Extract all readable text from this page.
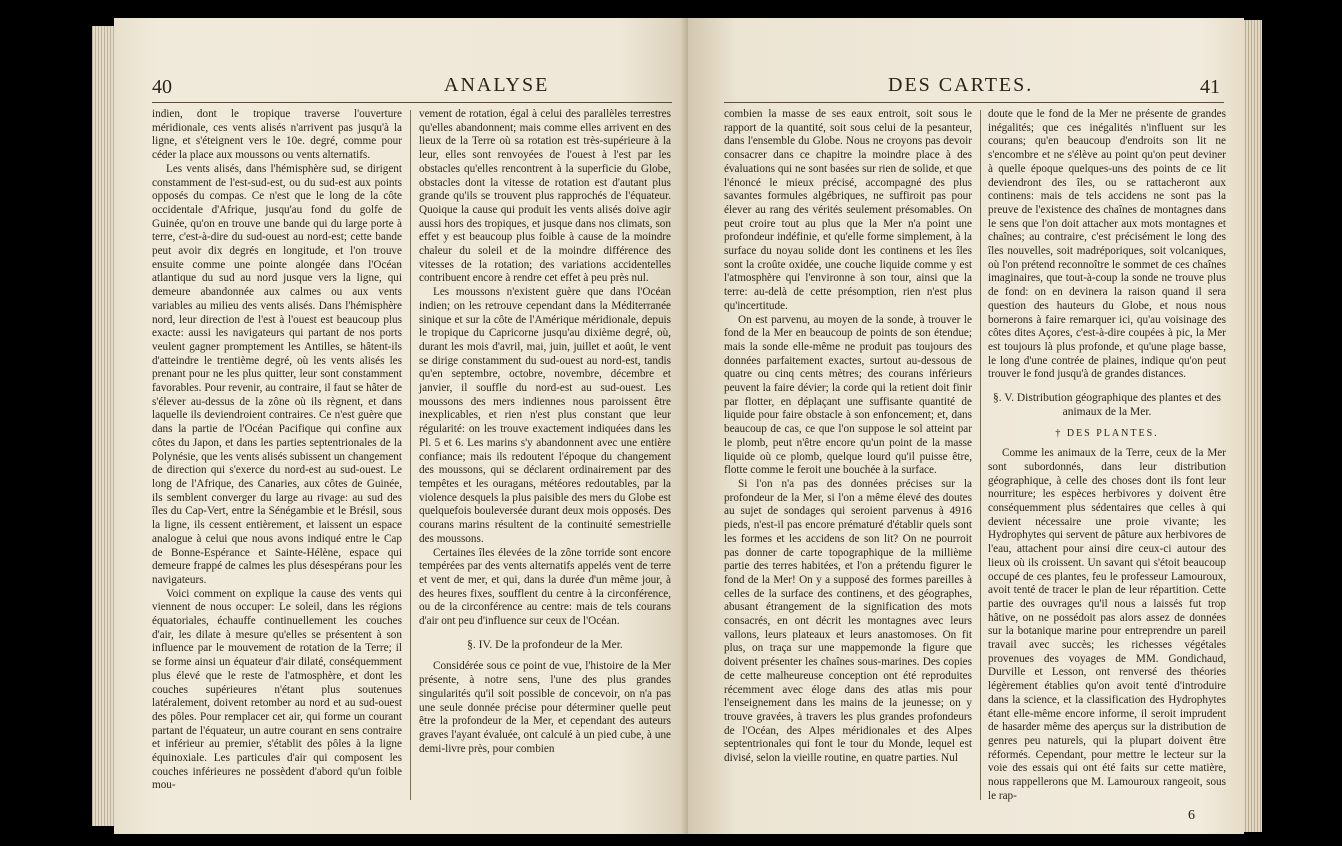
40	ANALYSE

indien, dont le tropique traverse l'ouverture méridionale, ces vents alisés n'arrivent pas jusqu'à la ligne, et s'éteignent vers le 10e. degré, comme pour céder la place aux moussons ou vents alternatifs.

Les vents alisés, dans l'hémisphère sud, se dirigent constamment de l'est-sud-est, ou du sud-est aux points opposés du compas. Ce n'est que le long de la côte occidentale d'Afrique, jusqu'au fond du golfe de Guinée, qu'on en trouve une bande qui du large porte à terre, c'est-à-dire du sud-ouest au nord-est; cette bande peut avoir dix degrés en longitude, et l'on trouve ensuite comme une pointe alongée dans l'Océan atlantique du sud au nord jusque vers la ligne, qui demeure abandonnée aux calmes ou aux vents variables au milieu des vents alisés. Dans l'hémisphère nord, leur direction de l'est à l'ouest est beaucoup plus exacte: aussi les navigateurs qui partant de nos ports veulent gagner promptement les Antilles, se hâtent-ils d'atteindre le trentième degré, où les vents alisés les prenant pour ne les plus quitter, leur sont constamment favorables. Pour revenir, au contraire, il faut se hâter de s'élever au-dessus de la zône où ils règnent, et dans laquelle ils deviendroient contraires. Ce n'est guère que dans la partie de l'Océan Pacifique qui confine aux côtes du Japon, et dans les parties septentrionales de la Polynésie, que les vents alisés subissent un changement de direction qui s'exerce du nord-est au sud-ouest. Le long de l'Afrique, des Canaries, aux côtes de Guinée, ils semblent converger du large au rivage: au sud des îles du Cap-Vert, entre la Sénégambie et le Brésil, sous la ligne, ils cessent entièrement, et laissent un espace analogue à celui que nous avons indiqué entre le Cap de Bonne-Espérance et Sainte-Hélène, espace qui demeure frappé de calmes les plus désespérans pour les navigateurs.

Voici comment on explique la cause des vents qui viennent de nous occuper: Le soleil, dans les régions équatoriales, échauffe continuellement les couches d'air, les dilate à mesure qu'elles se présentent à son influence par le mouvement de rotation de la Terre; il se forme ainsi un équateur d'air dilaté, conséquemment plus élevé que le reste de l'atmosphère, et dont les couches supérieures n'étant plus soutenues latéralement, doivent retomber au nord et au sud-ouest des pôles. Pour remplacer cet air, qui forme un courant partant de l'équateur, un autre courant en sens contraire et inférieur au premier, s'établit des pôles à la ligne équinoxiale. Les particules d'air qui composent les couches inférieures ne possèdent d'abord qu'un foible mou-

vement de rotation, égal à celui des parallèles terrestres qu'elles abandonnent; mais comme elles arrivent en des lieux de la Terre où sa rotation est très-supérieure à la leur, elles sont renvoyées de l'ouest à l'est par les obstacles qu'elles rencontrent à la superficie du Globe, obstacles dont la vitesse de rotation est d'autant plus grande qu'ils se trouvent plus rapprochés de l'équateur. Quoique la cause qui produit les vents alisés doive agir aussi hors des tropiques, et jusque dans nos climats, son effet y est beaucoup plus foible à cause de la moindre chaleur du soleil et de la moindre différence des vitesses de la rotation; des variations accidentelles contribuent encore à rendre cet effet à peu près nul.

Les moussons n'existent guère que dans l'Océan indien; on les retrouve cependant dans la Méditerranée sinique et sur la côte de l'Amérique méridionale, depuis le tropique du Capricorne jusqu'au dixième degré, où, durant les mois d'avril, mai, juin, juillet et août, le vent se dirige constamment du sud-ouest au nord-est, tandis qu'en septembre, octobre, novembre, décembre et janvier, il souffle du nord-est au sud-ouest. Les moussons des mers indiennes nous paroissent être inexplicables, et rien n'est plus constant que leur régularité: on les trouve exactement indiquées dans les Pl. 5 et 6. Les marins s'y abandonnent avec une entière confiance; mais ils redoutent l'époque du changement des moussons, qui se déclarent ordinairement par des tempêtes et les ouragans, météores redoutables, par la violence desquels la plus paisible des mers du Globe est quelquefois bouleversée durant deux mois opposés. Des courans marins résultent de la continuité semestrielle des moussons.

Certaines îles élevées de la zône torride sont encore tempérées par des vents alternatifs appelés vent de terre et vent de mer, et qui, dans la durée d'un même jour, à des heures fixes, soufflent du centre à la circonférence, ou de la circonférence au centre: mais de tels courans d'air ont peu d'influence sur ceux de l'Océan.

§. IV. De la profondeur de la Mer.

Considérée sous ce point de vue, l'histoire de la Mer présente, à notre sens, l'une des plus grandes singularités qu'il soit possible de concevoir, on n'a pas une seule donnée précise pour déterminer quelle peut être la profondeur de la Mer, et cependant des auteurs graves l'ayant évaluée, ont calculé à un pied cube, à une demi-livre près, pour combien

DES CARTES.	41

combien la masse de ses eaux entroit, soit sous le rapport de la quantité, soit sous celui de la pesanteur, dans l'ensemble du Globe. Nous ne croyons pas devoir consacrer dans ce chapitre la moindre place à des évaluations qui ne sont basées sur rien de solide, et que l'énoncé le mieux précisé, accompagné des plus savantes formules algébriques, ne suffiroit pas pour élever au rang des vérités seulement présomables. On peut croire tout au plus que la Mer n'a point une profondeur indéfinie, et qu'elle forme simplement, à la surface du noyau solide dont les continens et les îles sont la croûte oxidée, une couche liquide comme y est l'atmosphère qui l'environne à son tour, ainsi que la terre: au-delà de cette présomption, rien n'est plus qu'incertitude.

On est parvenu, au moyen de la sonde, à trouver le fond de la Mer en beaucoup de points de son étendue; mais la sonde elle-même ne produit pas toujours des données parfaitement exactes, surtout au-dessous de quatre ou cinq cents mètres; des courans inférieurs peuvent la faire dévier; la corde qui la retient doit finir par flotter, en déplaçant une suffisante quantité de liquide pour faire obstacle à son enfoncement; et, dans beaucoup de cas, ce que l'on suppose le sol atteint par le plomb, peut n'être encore qu'un point de la masse liquide où ce plomb, quelque lourd qu'il puisse être, flotte comme le feroit une bouchée à la surface.

Si l'on n'a pas des données précises sur la profondeur de la Mer, si l'on a même élevé des doutes au sujet de sondages qui seroient parvenus à 4916 pieds, n'est-il pas encore prématuré d'établir quels sont les formes et les accidens de son lit? On ne pourroit pas donner de carte topographique de la millième partie des terres habitées, et l'on a prétendu figurer le fond de la Mer! On y a supposé des formes pareilles à celles de la surface des continens, et des géographes, abusant étrangement de la signification des mots consacrés, en ont décrit les montagnes avec leurs vallons, leurs plateaux et leurs anastomoses. On fit plus, on traça sur une mappemonde la figure que doivent présenter les chaînes sous-marines. Des copies de cette malheureuse conception ont été reproduites récemment avec éloge dans des atlas mis pour l'enseignement dans les mains de la jeunesse; on y trouve gravées, à travers les plus grandes profondeurs de l'Océan, des Alpes méridionales et des Alpes septentrionales qui font le tour du Monde, lequel est divisé, selon la vieille routine, en quatre parties. Nul

doute que le fond de la Mer ne présente de grandes inégalités; que ces inégalités n'influent sur les courans; qu'en beaucoup d'endroits son lit ne s'encombre et ne s'élève au point qu'on peut deviner à quelle époque quelques-uns des points de ce lit deviendront des îles, ou se rattacheront aux continens: mais de tels accidens ne sont pas la preuve de l'existence des chaînes de montagnes dans le sens que l'on doit attacher aux mots montagnes et chaînes; au contraire, c'est précisément le long des îles nouvelles, soit madréporiques, soit volcaniques, où l'on prétend reconnoître le sommet de ces chaînes imaginaires, que tout-à-coup la sonde ne trouve plus de fond: on en devinera la raison quand il sera question des hauteurs du Globe, et nous nous bornerons à faire remarquer ici, qu'au voisinage des côtes dites Açores, c'est-à-dire coupées à pic, la Mer est toujours là plus profonde, et qu'une plage basse, le long d'une contrée de plaines, indique qu'on peut trouver le fond jusqu'à de grandes distances.

§. V. Distribution géographique des plantes et des animaux de la Mer.
† DES PLANTES.

Comme les animaux de la Terre, ceux de la Mer sont subordonnés, dans leur distribution géographique, à celle des choses dont ils font leur nourriture; les espèces herbivores y doivent être conséquemment plus sédentaires que celles à qui devient nécessaire une proie vivante; les Hydrophytes qui servent de pâture aux herbivores de l'eau, attachent pour ainsi dire ceux-ci autour des lieux où ils croissent. Un savant qui s'étoit beaucoup occupé de ces plantes, feu le professeur Lamouroux, avoit tenté de tracer le plan de leur répartition. Cette partie des ouvrages qu'il nous a laissés fut trop hâtive, on ne possédoit pas alors assez de données sur la botanique marine pour entreprendre un pareil travail avec succès; les richesses végétales provenues des voyages de MM. Gondichaud, Durville et Lesson, ont renversé des théories légèrement établies qu'on avoit tenté d'introduire dans la science, et la classification des Hydrophytes étant elle-même encore informe, il seroit imprudent de hasarder même des aperçus sur la distribution de genres peu naturels, qui la plupart doivent être réformés. Cependant, pour mettre le lecteur sur la voie des essais qui ont été faits sur cette matière, nous rappellerons que M. Lamouroux rangeoit, sous le rap-

6
